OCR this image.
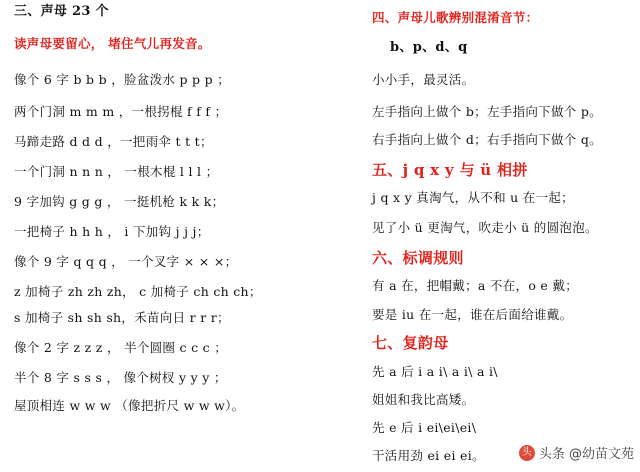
三、声母 23 个
读声母要留心， 堵住气儿再发音。
像个 6 字 b b b ，脸盆泼水 p p p ；
两个门洞 m m m ，一根拐棍 f f f ；
马蹄走路 d d d ，一把雨伞 t t t；
一个门洞 n n n ， 一根木棍 l l l ；
9 字加钩 g g g ， 一挺机枪 k k k；
一把椅子 h h h ， i 下加钩 j j j；
像个 9 字 q q q ， 一个叉字 × × ×；
z 加椅子 zh zh zh， c 加椅子 ch ch ch；
s 加椅子 sh sh sh，禾苗向日 r r r；
像个 2 字 z z z ， 半个圆圈 c c c ；
半个 8 字 s s s ， 像个树杈 y y y ；
屋顶相连 w w w （像把折尺 w w w）。
四、声母儿歌辨别混淆音节：
b、p、d、q
小小手，最灵活。
左手指向上做个 b；左手指向下做个 p。
右手指向上做个 d；右手指向下做个 q。
五、j q x y 与 ü 相拼
j q x y 真淘气，从不和 u 在一起；
见了小 ü 更淘气，吹走小 ü 的圆泡泡。
六、标调规则
有 a 在，把帽戴；a 不在，o e 戴；
要是 iu 在一起，谁在后面给谁戴。
七、复韵母
先 a 后 i a i\ a i\ a i\
姐姐和我比高矮。
先 e 后 i ei\ei\ei\
干活用劲 ei ei ei。	头 头条 @幼苗文苑
